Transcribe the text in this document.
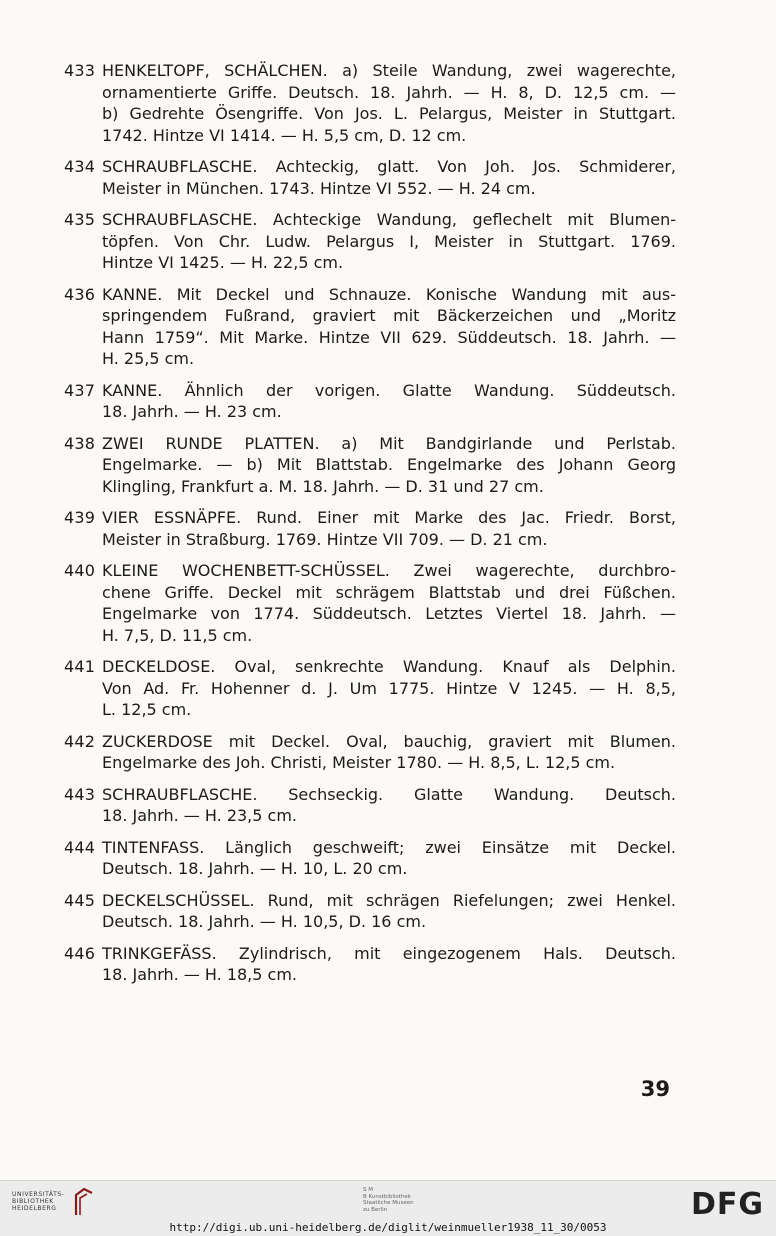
433 HENKELTOPF, SCHÄLCHEN. a) Steile Wandung, zwei wagerechte,

ornamentierte Griffe. Deutsch. 18. Jahrh. — H. 8, D. 12,5 cm. —

b) Gedrehte Ösengriffe. Von Jos. L. Pelargus, Meister in Stuttgart.

1742. Hintze VI 1414. — H. 5,5 cm, D. 12 cm.

434 SCHRAUBFLASCHE. Achteckig, glatt. Von Joh. Jos. Schmiderer,

Meister in München. 1743. Hintze VI 552. — H. 24 cm.

435 SCHRAUBFLASCHE. Achteckige Wandung, geflechelt mit Blumen-

töpfen. Von Chr. Ludw. Pelargus I, Meister in Stuttgart. 1769.

Hintze VI 1425. — H. 22,5 cm.

436 KANNE. Mit Deckel und Schnauze. Konische Wandung mit aus-

springendem Fußrand, graviert mit Bäckerzeichen und „Moritz

Hann 1759“. Mit Marke. Hintze VII 629. Süddeutsch. 18. Jahrh. —

H. 25,5 cm.

437 KANNE. Ähnlich der vorigen. Glatte Wandung. Süddeutsch.

18. Jahrh. — H. 23 cm.

438 ZWEI RUNDE PLATTEN. a) Mit Bandgirlande und Perlstab.

Engelmarke. — b) Mit Blattstab. Engelmarke des Johann Georg

Klingling, Frankfurt a. M. 18. Jahrh. — D. 31 und 27 cm.

439 VIER ESSNÄPFE. Rund. Einer mit Marke des Jac. Friedr. Borst,

Meister in Straßburg. 1769. Hintze VII 709. — D. 21 cm.

440 KLEINE WOCHENBETT-SCHÜSSEL. Zwei wagerechte, durchbro-

chene Griffe. Deckel mit schrägem Blattstab und drei Füßchen.

Engelmarke von 1774. Süddeutsch. Letztes Viertel 18. Jahrh. —

H. 7,5, D. 11,5 cm.

441 DECKELDOSE. Oval, senkrechte Wandung. Knauf als Delphin.

Von Ad. Fr. Hohenner d. J. Um 1775. Hintze V 1245. — H. 8,5,

L. 12,5 cm.

442 ZUCKERDOSE mit Deckel. Oval, bauchig, graviert mit Blumen.

Engelmarke des Joh. Christi, Meister 1780. — H. 8,5, L. 12,5 cm.

443 SCHRAUBFLASCHE. Sechseckig. Glatte Wandung. Deutsch.

18. Jahrh. — H. 23,5 cm.

444 TINTENFASS. Länglich geschweift; zwei Einsätze mit Deckel.

Deutsch. 18. Jahrh. — H. 10, L. 20 cm.

445 DECKELSCHÜSSEL. Rund, mit schrägen Riefelungen; zwei Henkel.

Deutsch. 18. Jahrh. — H. 10,5, D. 16 cm.

446 TRINKGEFÄSS. Zylindrisch, mit eingezogenem Hals. Deutsch.

18. Jahrh. — H. 18,5 cm.

39
UNIVERSITÄTS-
BIBLIOTHEK
HEIDELBERG
S M
B Kunstbibliothek
Staatliche Museen
zu Berlin	DFG
http://digi.ub.uni-heidelberg.de/diglit/weinmueller1938_11_30/0053
